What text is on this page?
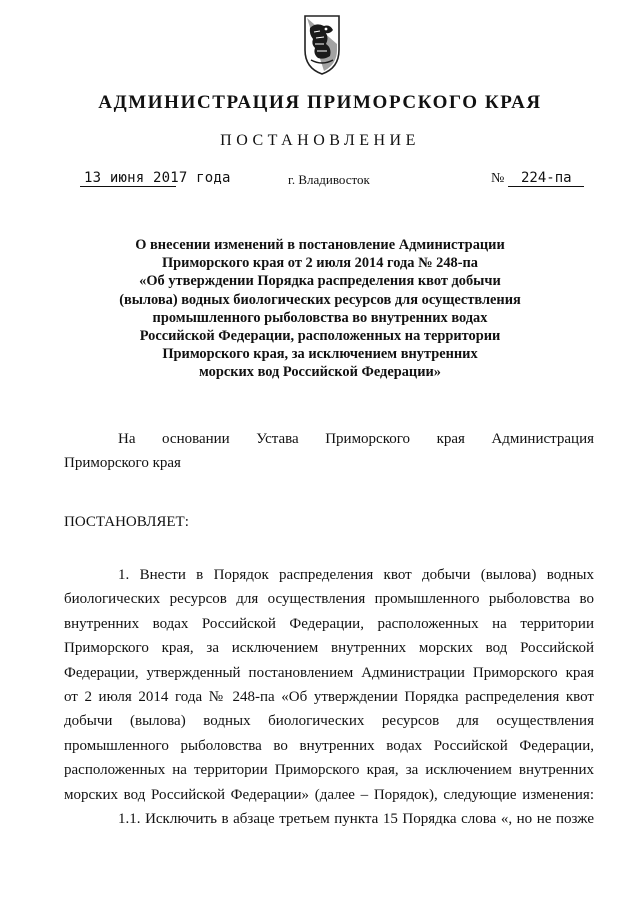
АДМИНИСТРАЦИЯ ПРИМОРСКОГО КРАЯ
ПОСТАНОВЛЕНИЕ
13 июня 2017 года	г. Владивосток	№ 224-па
О внесении изменений в постановление Администрации
Приморского края от 2 июля 2014 года № 248-па
«Об утверждении Порядка распределения квот добычи
(вылова) водных биологических ресурсов для осуществления
промышленного рыболовства во внутренних водах
Российской Федерации, расположенных на территории
Приморского края, за исключением внутренних
морских вод Российской Федерации»
На основании Устава Приморского края Администрация
Приморского края
ПОСТАНОВЛЯЕТ:
1. Внести в Порядок распределения квот добычи (вылова) водных
биологических ресурсов для осуществления промышленного рыболовства во
внутренних водах Российской Федерации, расположенных на территории
Приморского края, за исключением внутренних морских вод Российской
Федерации, утвержденный постановлением Администрации Приморского края
от 2 июля 2014 года № 248-па «Об утверждении Порядка распределения квот
добычи (вылова) водных биологических ресурсов для осуществления
промышленного рыболовства во внутренних водах Российской Федерации,
расположенных на территории Приморского края, за исключением внутренних
морских вод Российской Федерации» (далее – Порядок), следующие изменения:
1.1. Исключить в абзаце третьем пункта 15 Порядка слова «, но не позже
